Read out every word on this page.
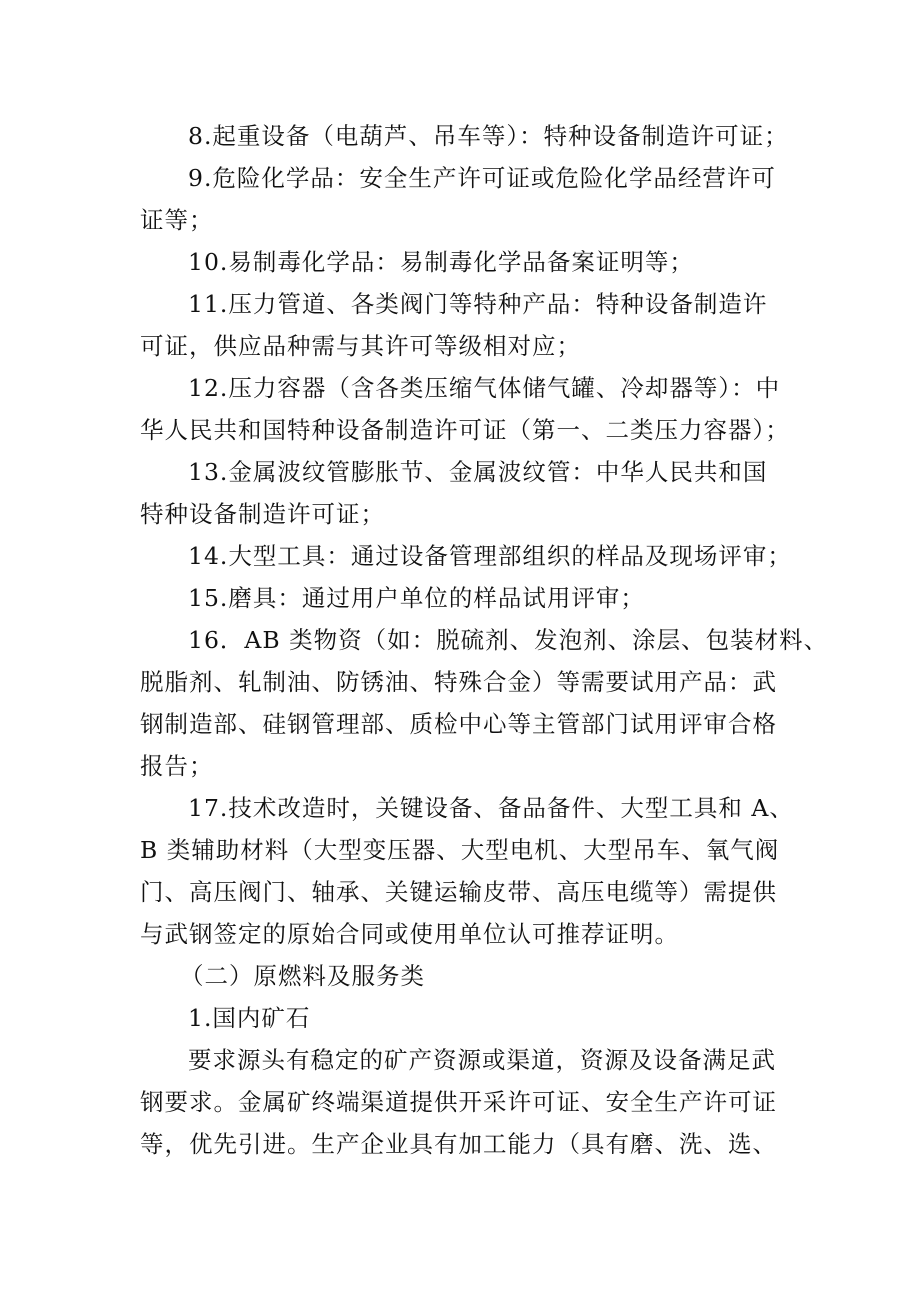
8.起重设备（电葫芦、吊车等）：特种设备制造许可证；
9.危险化学品：安全生产许可证或危险化学品经营许可
证等；
10.易制毒化学品：易制毒化学品备案证明等；
11.压力管道、各类阀门等特种产品：特种设备制造许
可证，供应品种需与其许可等级相对应；
12.压力容器（含各类压缩气体储气罐、冷却器等）：中
华人民共和国特种设备制造许可证（第一、二类压力容器）；
13.金属波纹管膨胀节、金属波纹管：中华人民共和国
特种设备制造许可证；
14.大型工具：通过设备管理部组织的样品及现场评审；
15.磨具：通过用户单位的样品试用评审；
16．AB 类物资（如：脱硫剂、发泡剂、涂层、包装材料、
脱脂剂、轧制油、防锈油、特殊合金）等需要试用产品：武
钢制造部、硅钢管理部、质检中心等主管部门试用评审合格
报告；
17.技术改造时，关键设备、备品备件、大型工具和 A、
B 类辅助材料（大型变压器、大型电机、大型吊车、氧气阀
门、高压阀门、轴承、关键运输皮带、高压电缆等）需提供
与武钢签定的原始合同或使用单位认可推荐证明。
（二）原燃料及服务类
1.国内矿石
要求源头有稳定的矿产资源或渠道，资源及设备满足武
钢要求。金属矿终端渠道提供开采许可证、安全生产许可证
等，优先引进。生产企业具有加工能力（具有磨、洗、选、
